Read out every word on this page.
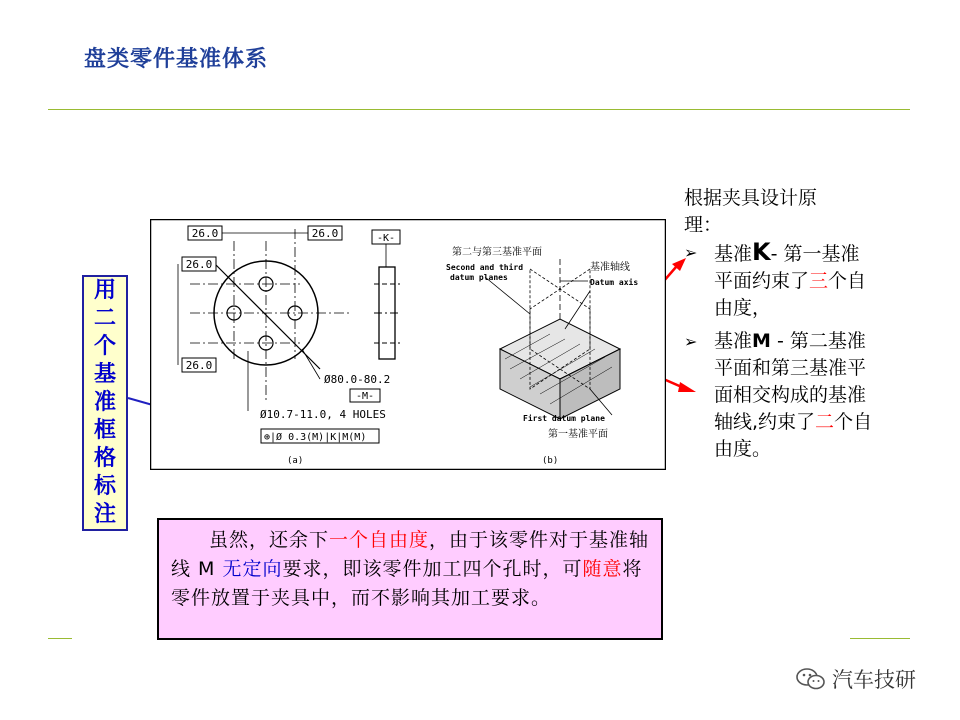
盘类零件基准体系
用
二
个
基
准
框
格
标
注
26.0	26.0
26.0
26.0
Ø80.0-80.2
-M-
Ø10.7-11.0, 4 HOLES
⊕|Ø 0.3(M)|K|M(M)
(a)
-K-
第二与第三基准平面
Second and third
datum planes
基准轴线
Datum axis
First datum plane
第一基准平面
(b)
根据夹具设计原理：
➢ 基准K- 第一基准平面约束了三个自由度，
➢ 基准M - 第二基准平面和第三基准平面相交构成的基准轴线,约束了二个自由度。
虽然，还余下一个自由度，由于该零件对于基准轴线 M 无定向要求，即该零件加工四个孔时，可随意将零件放置于夹具中，而不影响其加工要求。
汽车技研
